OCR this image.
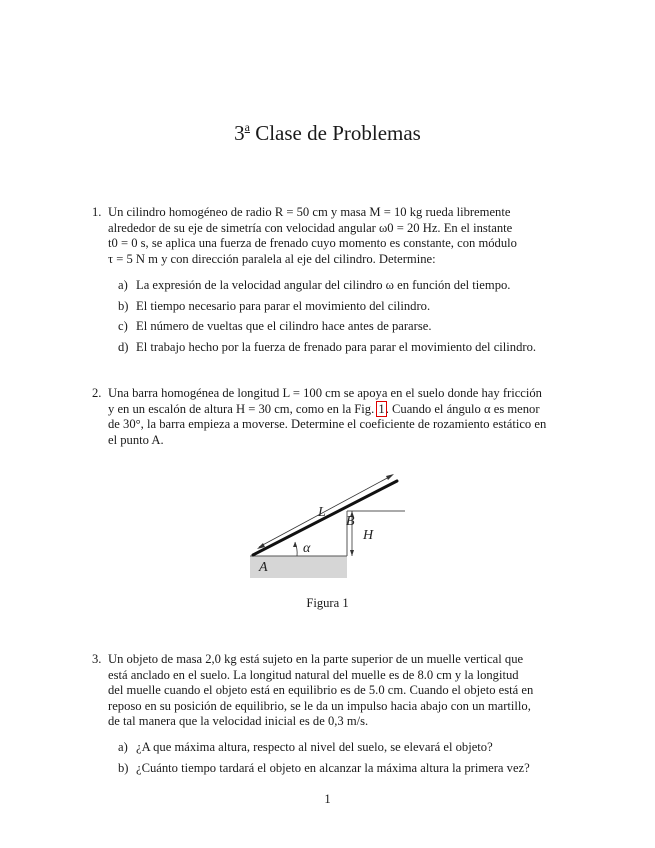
3$^a$ Clase de Problemas
1. Un cilindro homogéneo de radio R = 50 cm y masa M = 10 kg rueda libremente
alrededor de su eje de simetría con velocidad angular ω0 = 20 Hz. En el instante
t0 = 0 s, se aplica una fuerza de frenado cuyo momento es constante, con módulo
τ = 5 N m y con dirección paralela al eje del cilindro. Determine:
a) La expresión de la velocidad angular del cilindro ω en función del tiempo.
b) El tiempo necesario para parar el movimiento del cilindro.
c) El número de vueltas que el cilindro hace antes de pararse.
d) El trabajo hecho por la fuerza de frenado para parar el movimiento del cilindro.
2. Una barra homogénea de longitud L = 100 cm se apoya en el suelo donde hay fricción
y en un escalón de altura H = 30 cm, como en la Fig. 1. Cuando el ángulo α es menor
de 30°, la barra empieza a moverse. Determine el coeficiente de rozamiento estático en
el punto A.
L
B
H
α
A
Figura 1
3. Un objeto de masa 2,0 kg está sujeto en la parte superior de un muelle vertical que
está anclado en el suelo. La longitud natural del muelle es de 8.0 cm y la longitud
del muelle cuando el objeto está en equilibrio es de 5.0 cm. Cuando el objeto está en
reposo en su posición de equilibrio, se le da un impulso hacia abajo con un martillo,
de tal manera que la velocidad inicial es de 0,3 m/s.
a) ¿A que máxima altura, respecto al nivel del suelo, se elevará el objeto?
b) ¿Cuánto tiempo tardará el objeto en alcanzar la máxima altura la primera vez?
1
